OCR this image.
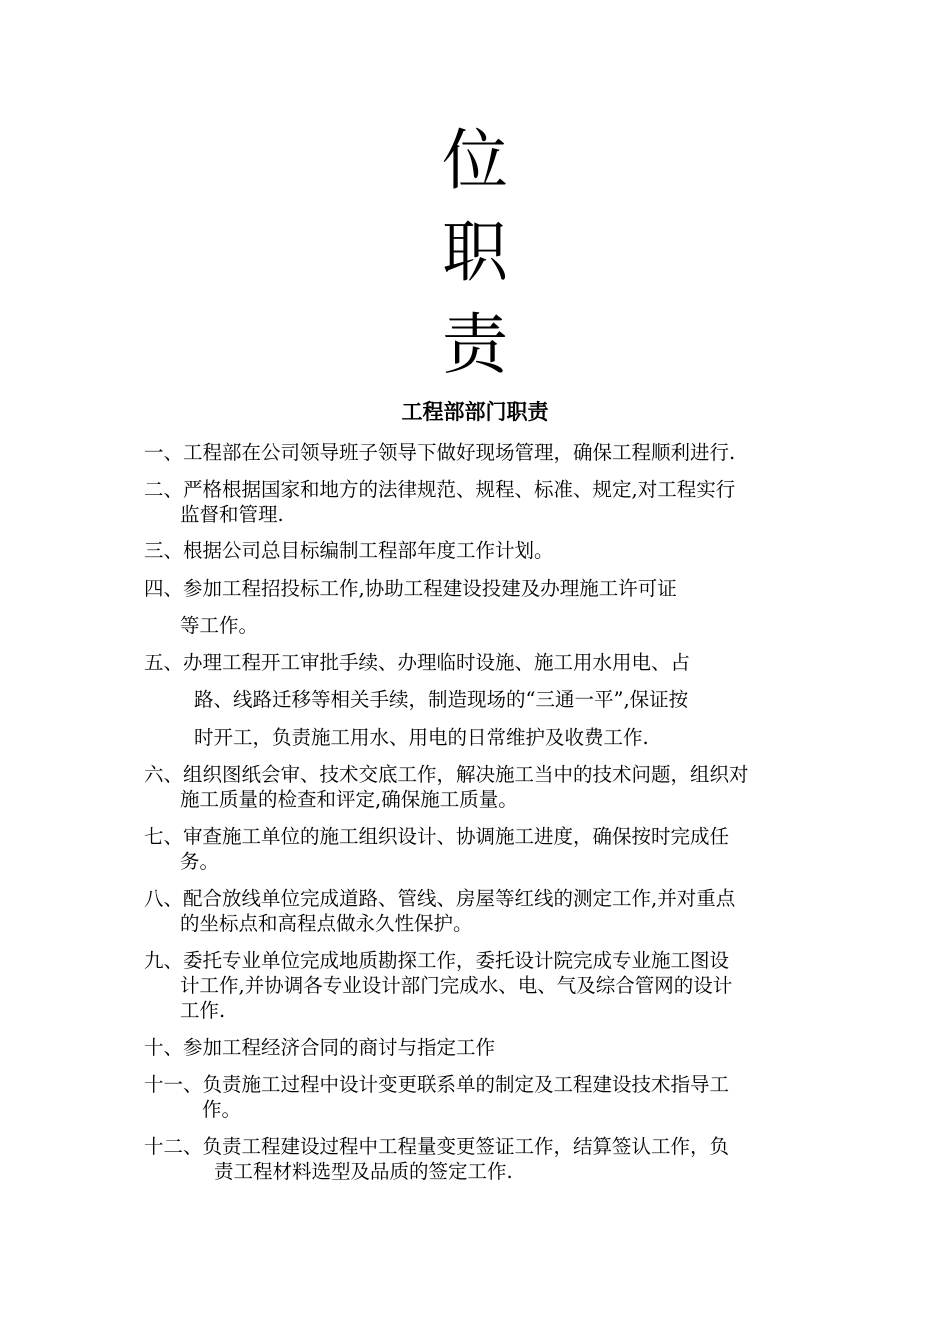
位
职
责
工程部部门职责
一、工程部在公司领导班子领导下做好现场管理，确保工程顺利进行.
二、严格根据国家和地方的法律规范、规程、标准、规定,对工程实行
监督和管理.
三、根据公司总目标编制工程部年度工作计划。
四、参加工程招投标工作,协助工程建设投建及办理施工许可证
等工作。
五、办理工程开工审批手续、办理临时设施、施工用水用电、占
路、线路迁移等相关手续，制造现场的“三通一平”,保证按
时开工，负责施工用水、用电的日常维护及收费工作.
六、组织图纸会审、技术交底工作，解决施工当中的技术问题，组织对
施工质量的检查和评定,确保施工质量。
七、审查施工单位的施工组织设计、协调施工进度，确保按时完成任
务。
八、配合放线单位完成道路、管线、房屋等红线的测定工作,并对重点
的坐标点和高程点做永久性保护。
九、委托专业单位完成地质勘探工作，委托设计院完成专业施工图设
计工作,并协调各专业设计部门完成水、电、气及综合管网的设计
工作.
十、参加工程经济合同的商讨与指定工作
十一、负责施工过程中设计变更联系单的制定及工程建设技术指导工
作。
十二、负责工程建设过程中工程量变更签证工作，结算签认工作，负
责工程材料选型及品质的签定工作.
